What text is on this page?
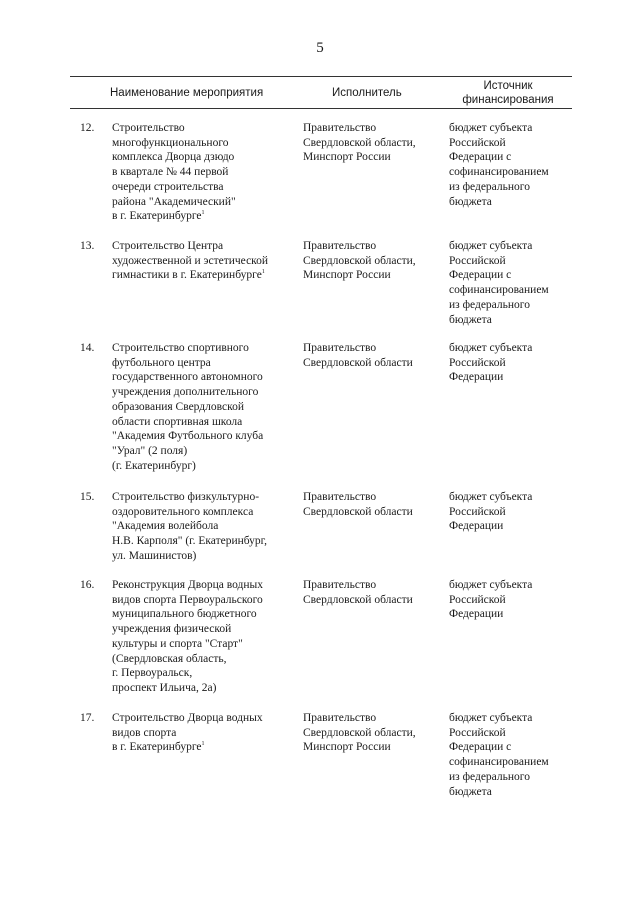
5
Наименование мероприятия	Исполнитель
Источник
финансирования
12. Строительство
многофункционального
комплекса Дворца дзюдо
в квартале № 44 первой
очереди строительства
района "Академический"
в г. Екатеринбурге$^1$
Правительство
Свердловской области,
Минспорт России
бюджет субъекта
Российской
Федерации с
софинансированием
из федерального
бюджета
13. Строительство Центра
художественной и эстетической
гимнастики в г. Екатеринбурге$^1$
Правительство
Свердловской области,
Минспорт России
бюджет субъекта
Российской
Федерации с
софинансированием
из федерального
бюджета
14. Строительство спортивного
футбольного центра
государственного автономного
учреждения дополнительного
образования Свердловской
области спортивная школа
"Академия Футбольного клуба
"Урал" (2 поля)
(г. Екатеринбург)
Правительство
Свердловской области
бюджет субъекта
Российской
Федерации
15. Строительство физкультурно-
оздоровительного комплекса
"Академия волейбола
Н.В. Карполя" (г. Екатеринбург,
ул. Машинистов)
Правительство
Свердловской области
бюджет субъекта
Российской
Федерации
16. Реконструкция Дворца водных
видов спорта Первоуральского
муниципального бюджетного
учреждения физической
культуры и спорта "Старт"
(Свердловская область,
г. Первоуральск,
проспект Ильича, 2а)
Правительство
Свердловской области
бюджет субъекта
Российской
Федерации
17. Строительство Дворца водных
видов спорта
в г. Екатеринбурге$^1$
Правительство
Свердловской области,
Минспорт России
бюджет субъекта
Российской
Федерации с
софинансированием
из федерального
бюджета
